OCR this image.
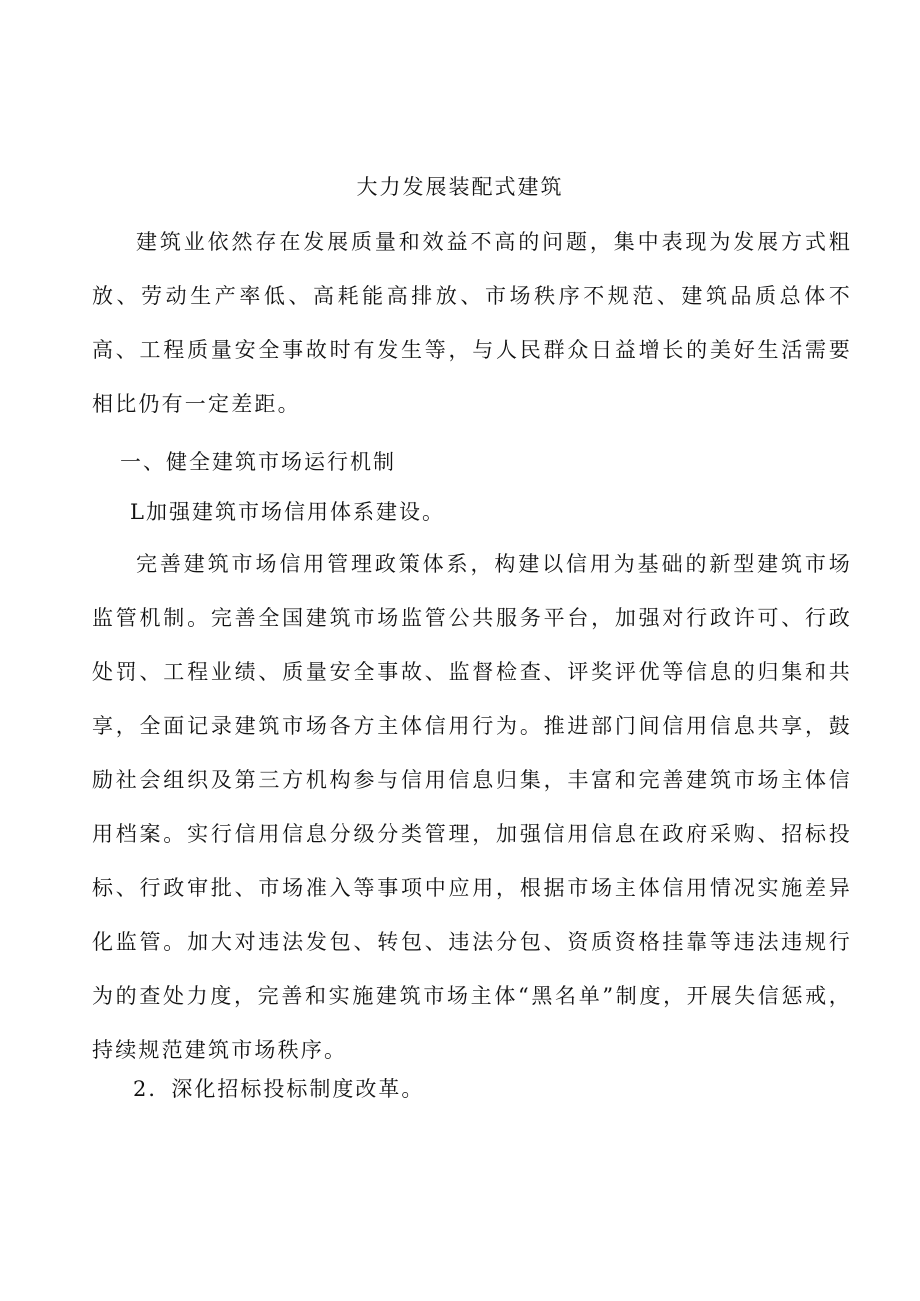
大力发展装配式建筑

建筑业依然存在发展质量和效益不高的问题，集中表现为发展方式粗放、劳动生产率低、高耗能高排放、市场秩序不规范、建筑品质总体不高、工程质量安全事故时有发生等，与人民群众日益增长的美好生活需要相比仍有一定差距。

一、健全建筑市场运行机制
L加强建筑市场信用体系建设。

完善建筑市场信用管理政策体系，构建以信用为基础的新型建筑市场监管机制。完善全国建筑市场监管公共服务平台，加强对行政许可、行政处罚、工程业绩、质量安全事故、监督检查、评奖评优等信息的归集和共享，全面记录建筑市场各方主体信用行为。推进部门间信用信息共享，鼓励社会组织及第三方机构参与信用信息归集，丰富和完善建筑市场主体信用档案。实行信用信息分级分类管理，加强信用信息在政府采购、招标投标、行政审批、市场准入等事项中应用，根据市场主体信用情况实施差异化监管。加大对违法发包、转包、违法分包、资质资格挂靠等违法违规行为的查处力度，完善和实施建筑市场主体“黑名单”制度，开展失信惩戒，持续规范建筑市场秩序。

2．深化招标投标制度改革。
